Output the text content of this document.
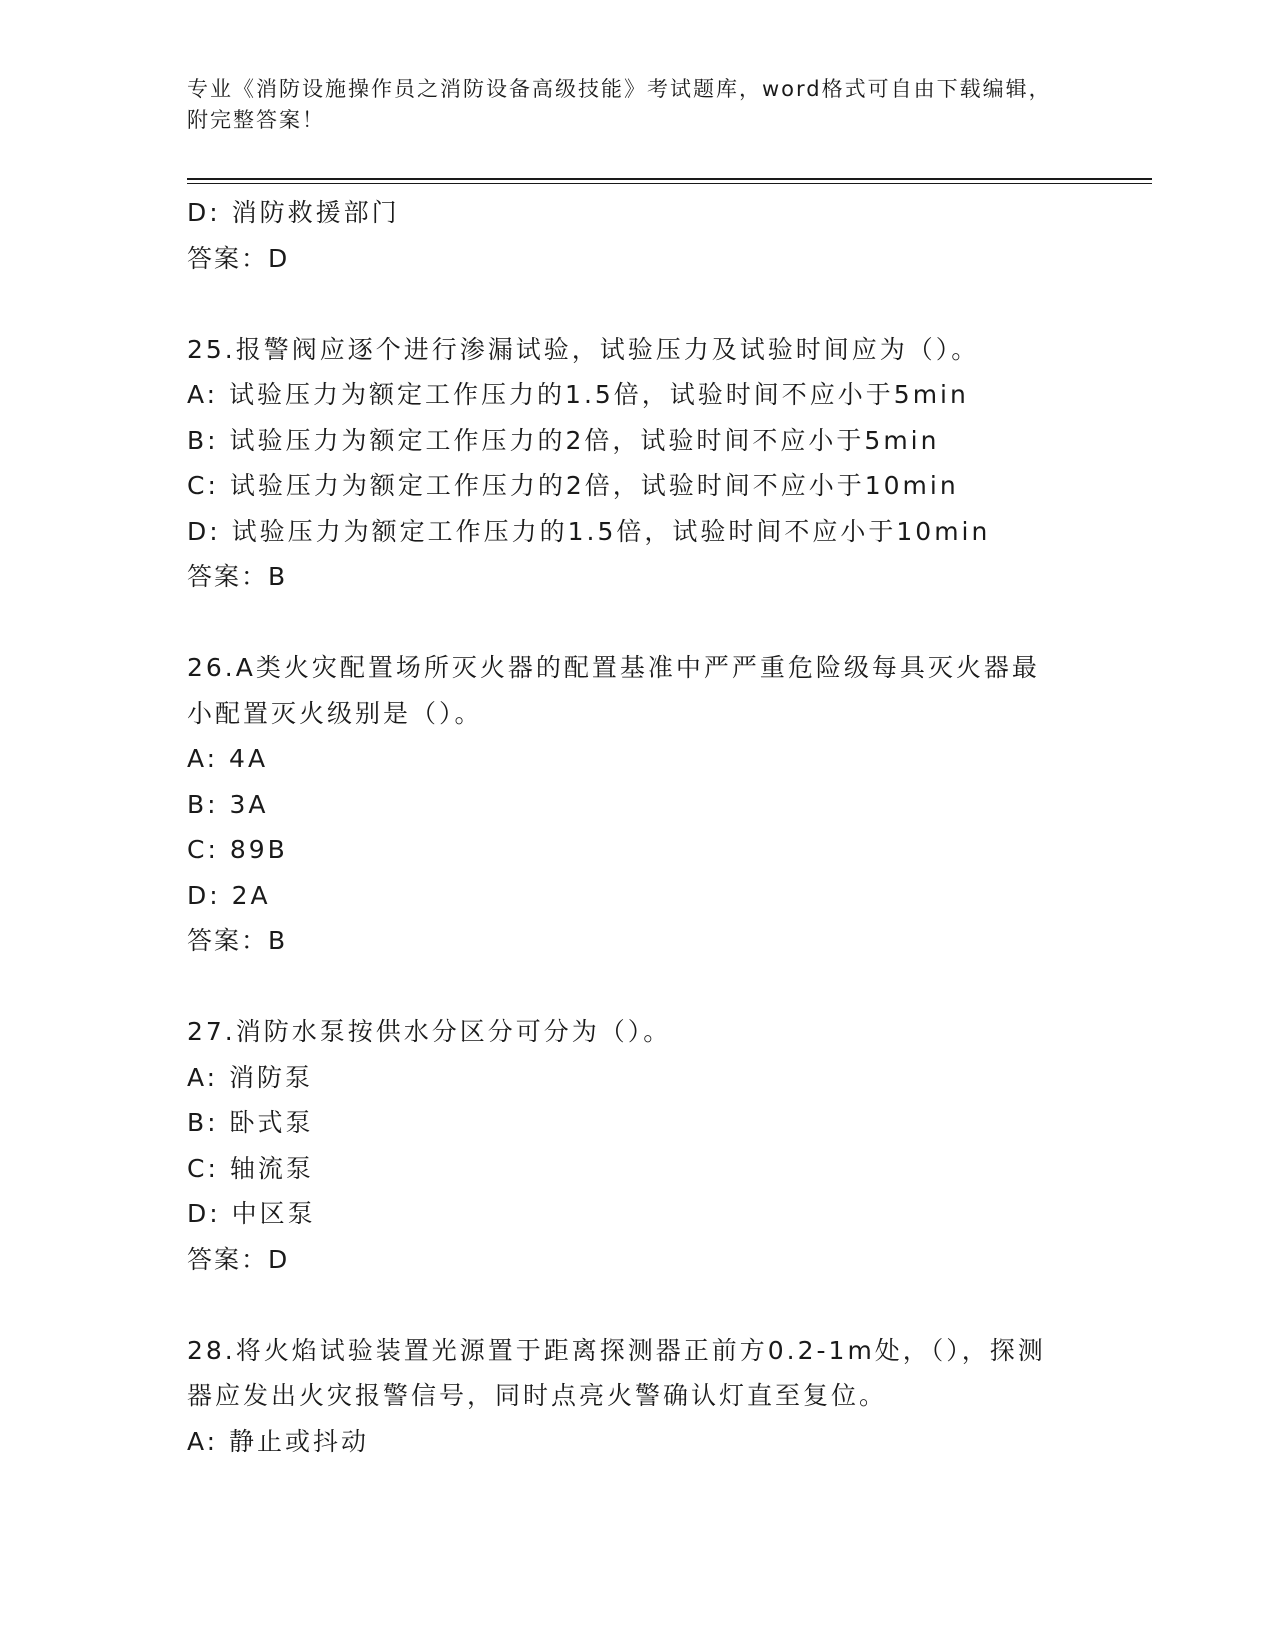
专业《消防设施操作员之消防设备高级技能》考试题库，word格式可自由下载编辑，附完整答案！
D: 消防救援部门
答案：D
25.报警阀应逐个进行渗漏试验，试验压力及试验时间应为（）。
A: 试验压力为额定工作压力的1.5倍，试验时间不应小于5min
B: 试验压力为额定工作压力的2倍，试验时间不应小于5min
C: 试验压力为额定工作压力的2倍，试验时间不应小于10min
D: 试验压力为额定工作压力的1.5倍，试验时间不应小于10min
答案：B
26.A类火灾配置场所灭火器的配置基准中严严重危险级每具灭火器最小配置灭火级别是（）。
A: 4A
B: 3A
C: 89B
D: 2A
答案：B
27.消防水泵按供水分区分可分为（）。
A: 消防泵
B: 卧式泵
C: 轴流泵
D: 中区泵
答案：D
28.将火焰试验装置光源置于距离探测器正前方0.2-1m处，（），探测器应发出火灾报警信号，同时点亮火警确认灯直至复位。
A: 静止或抖动
